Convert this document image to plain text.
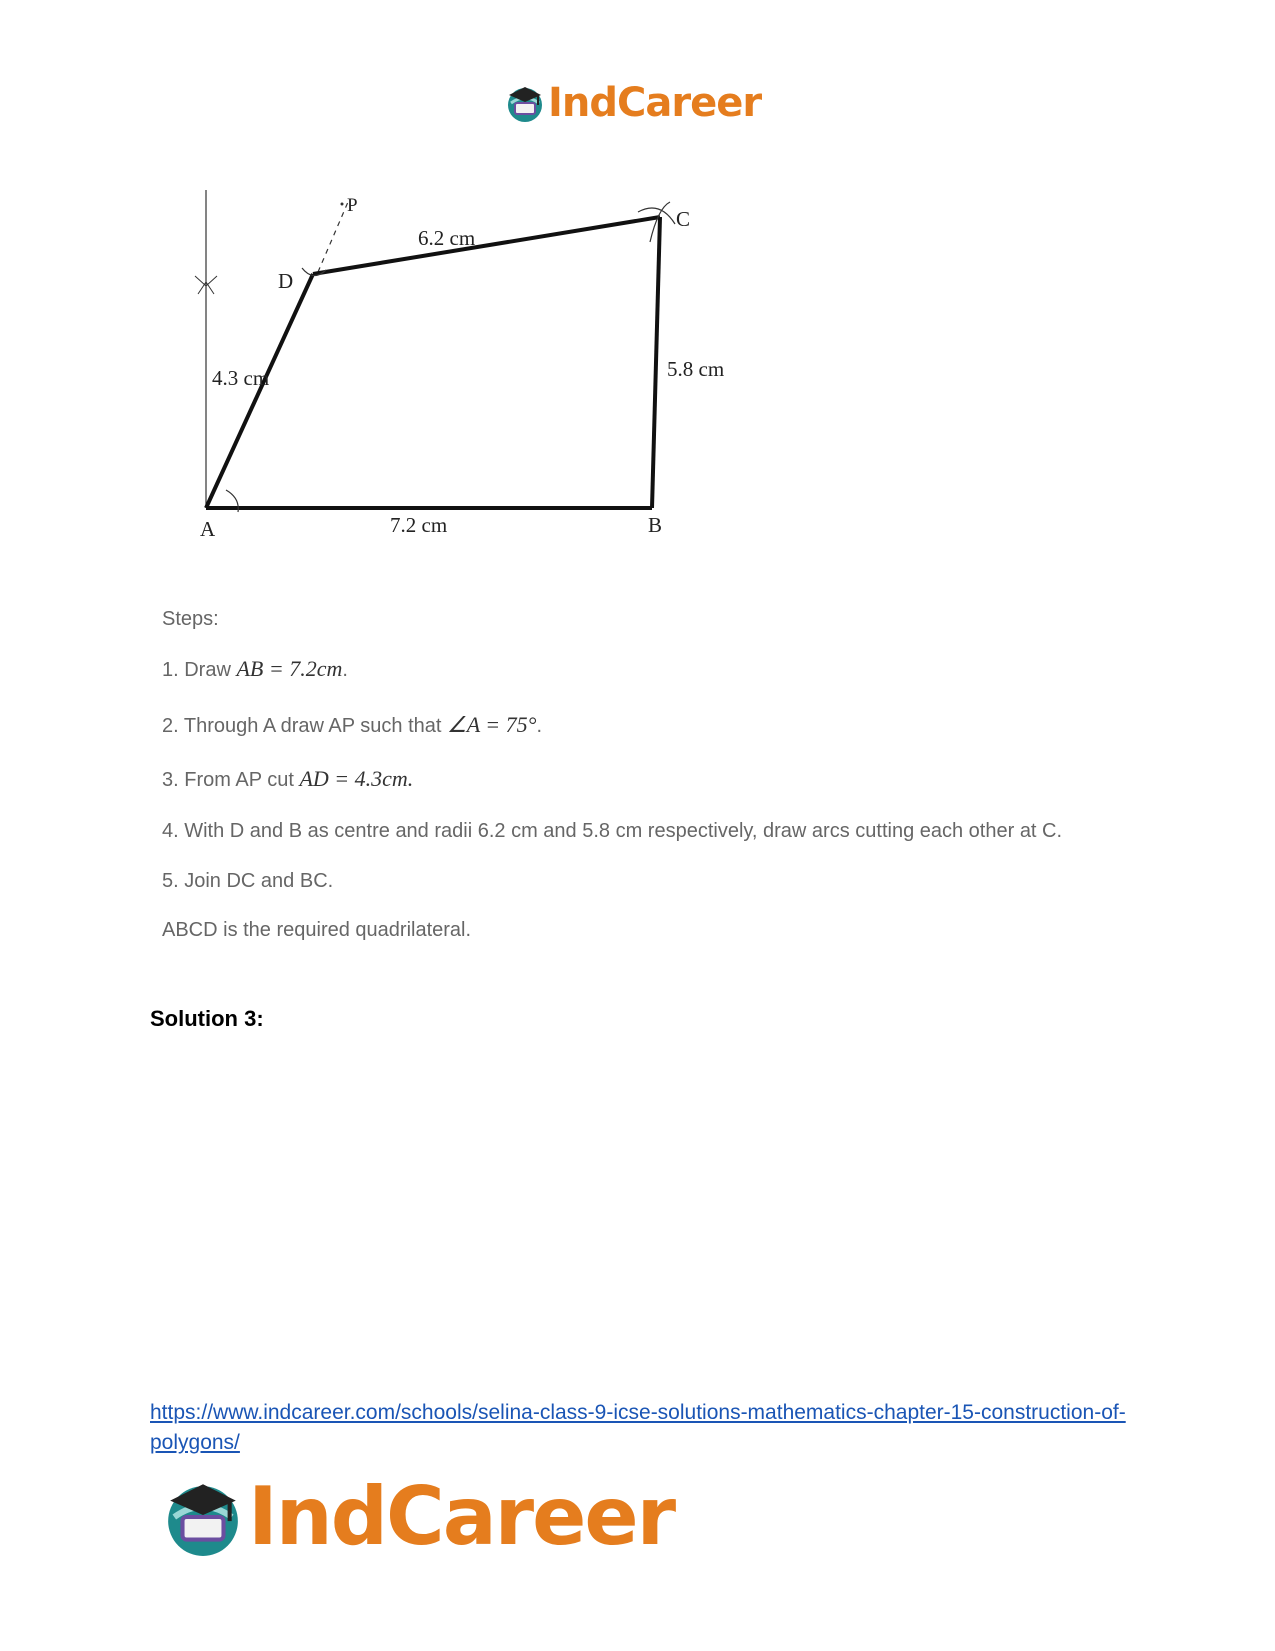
IndCareer
A	B
C
D
P
7.2 cm
5.8 cm
6.2 cm
4.3 cm

Steps:

1. Draw AB = 7.2cm.

2. Through A draw AP such that ∠A = 75°.

3. From AP cut AD = 4.3cm.

4. With D and B as centre and radii 6.2 cm and 5.8 cm respectively, draw arcs cutting each other at C.

5. Join DC and BC.

ABCD is the required quadrilateral.

Solution 3:

https://www.indcareer.com/schools/selina-class-9-icse-solutions-mathematics-chapter-15-construction-of-polygons/
IndCareer
